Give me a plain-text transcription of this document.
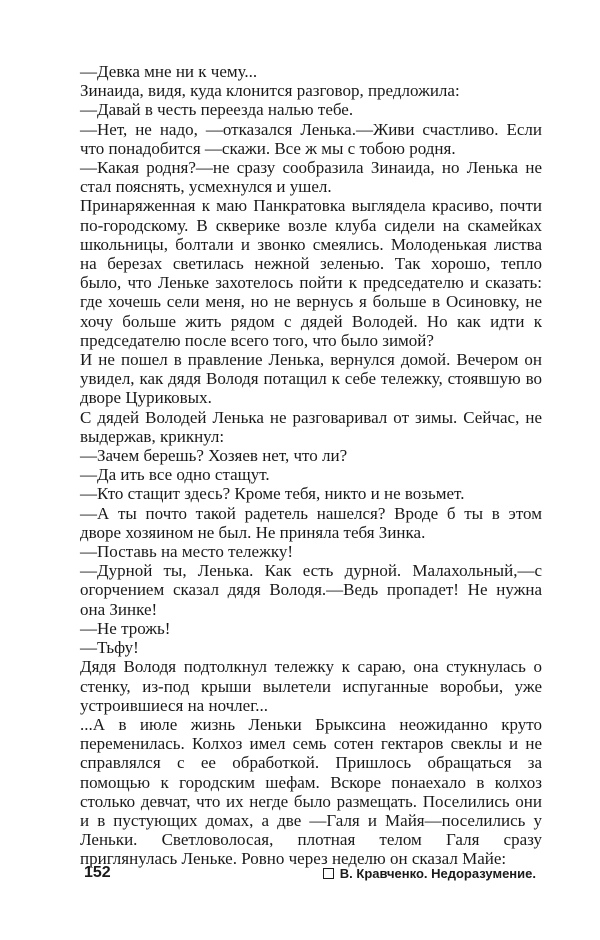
—Девка мне ни к чему...

Зинаида, видя, куда клонится разговор, предложила:

—Давай в честь переезда налью тебе.

—Нет, не надо, —отказался Ленька.—Живи счастливо. Если что понадобится —скажи. Все ж мы с тобою родня.

—Какая родня?—не сразу сообразила Зинаида, но Ленька не стал пояснять, усмехнулся и ушел.

Принаряженная к маю Панкратовка выглядела красиво, почти по-городскому. В скверике возле клуба сидели на скамейках школьницы, болтали и звонко смеялись. Молоденькая листва на березах светилась нежной зеленью. Так хорошо, тепло было, что Леньке захотелось пойти к председателю и сказать: где хочешь сели меня, но не вернусь я больше в Осиновку, не хочу больше жить рядом с дядей Володей. Но как идти к председателю после всего того, что было зимой?

И не пошел в правление Ленька, вернулся домой. Вечером он увидел, как дядя Володя потащил к себе тележку, стоявшую во дворе Цуриковых.

С дядей Володей Ленька не разговаривал от зимы. Сейчас, не выдержав, крикнул:

—Зачем берешь? Хозяев нет, что ли?

—Да ить все одно стащут.

—Кто стащит здесь? Кроме тебя, никто и не возьмет.

—А ты почто такой радетель нашелся? Вроде б ты в этом дворе хозяином не был. Не приняла тебя Зинка.

—Поставь на место тележку!

—Дурной ты, Ленька. Как есть дурной. Малахольный,—с огорчением сказал дядя Володя.—Ведь пропадет! Не нужна она Зинке!

—Не трожь!

—Тьфу!

Дядя Володя подтолкнул тележку к сараю, она стукнулась о стенку, из-под крыши вылетели испуганные воробьи, уже устроившиеся на ночлег...

...А в июле жизнь Леньки Брыксина неожиданно круто переменилась. Колхоз имел семь сотен гектаров свеклы и не справлялся с ее обработкой. Пришлось обращаться за помощью к городским шефам. Вскоре понаехало в колхоз столько девчат, что их негде было размещать. Поселились они и в пустующих домах, а две —Галя и Майя—поселились у Леньки. Светловолосая, плотная телом Галя сразу приглянулась Леньке. Ровно через неделю он сказал Майе:

152	В. Кравченко. Недоразумение.
